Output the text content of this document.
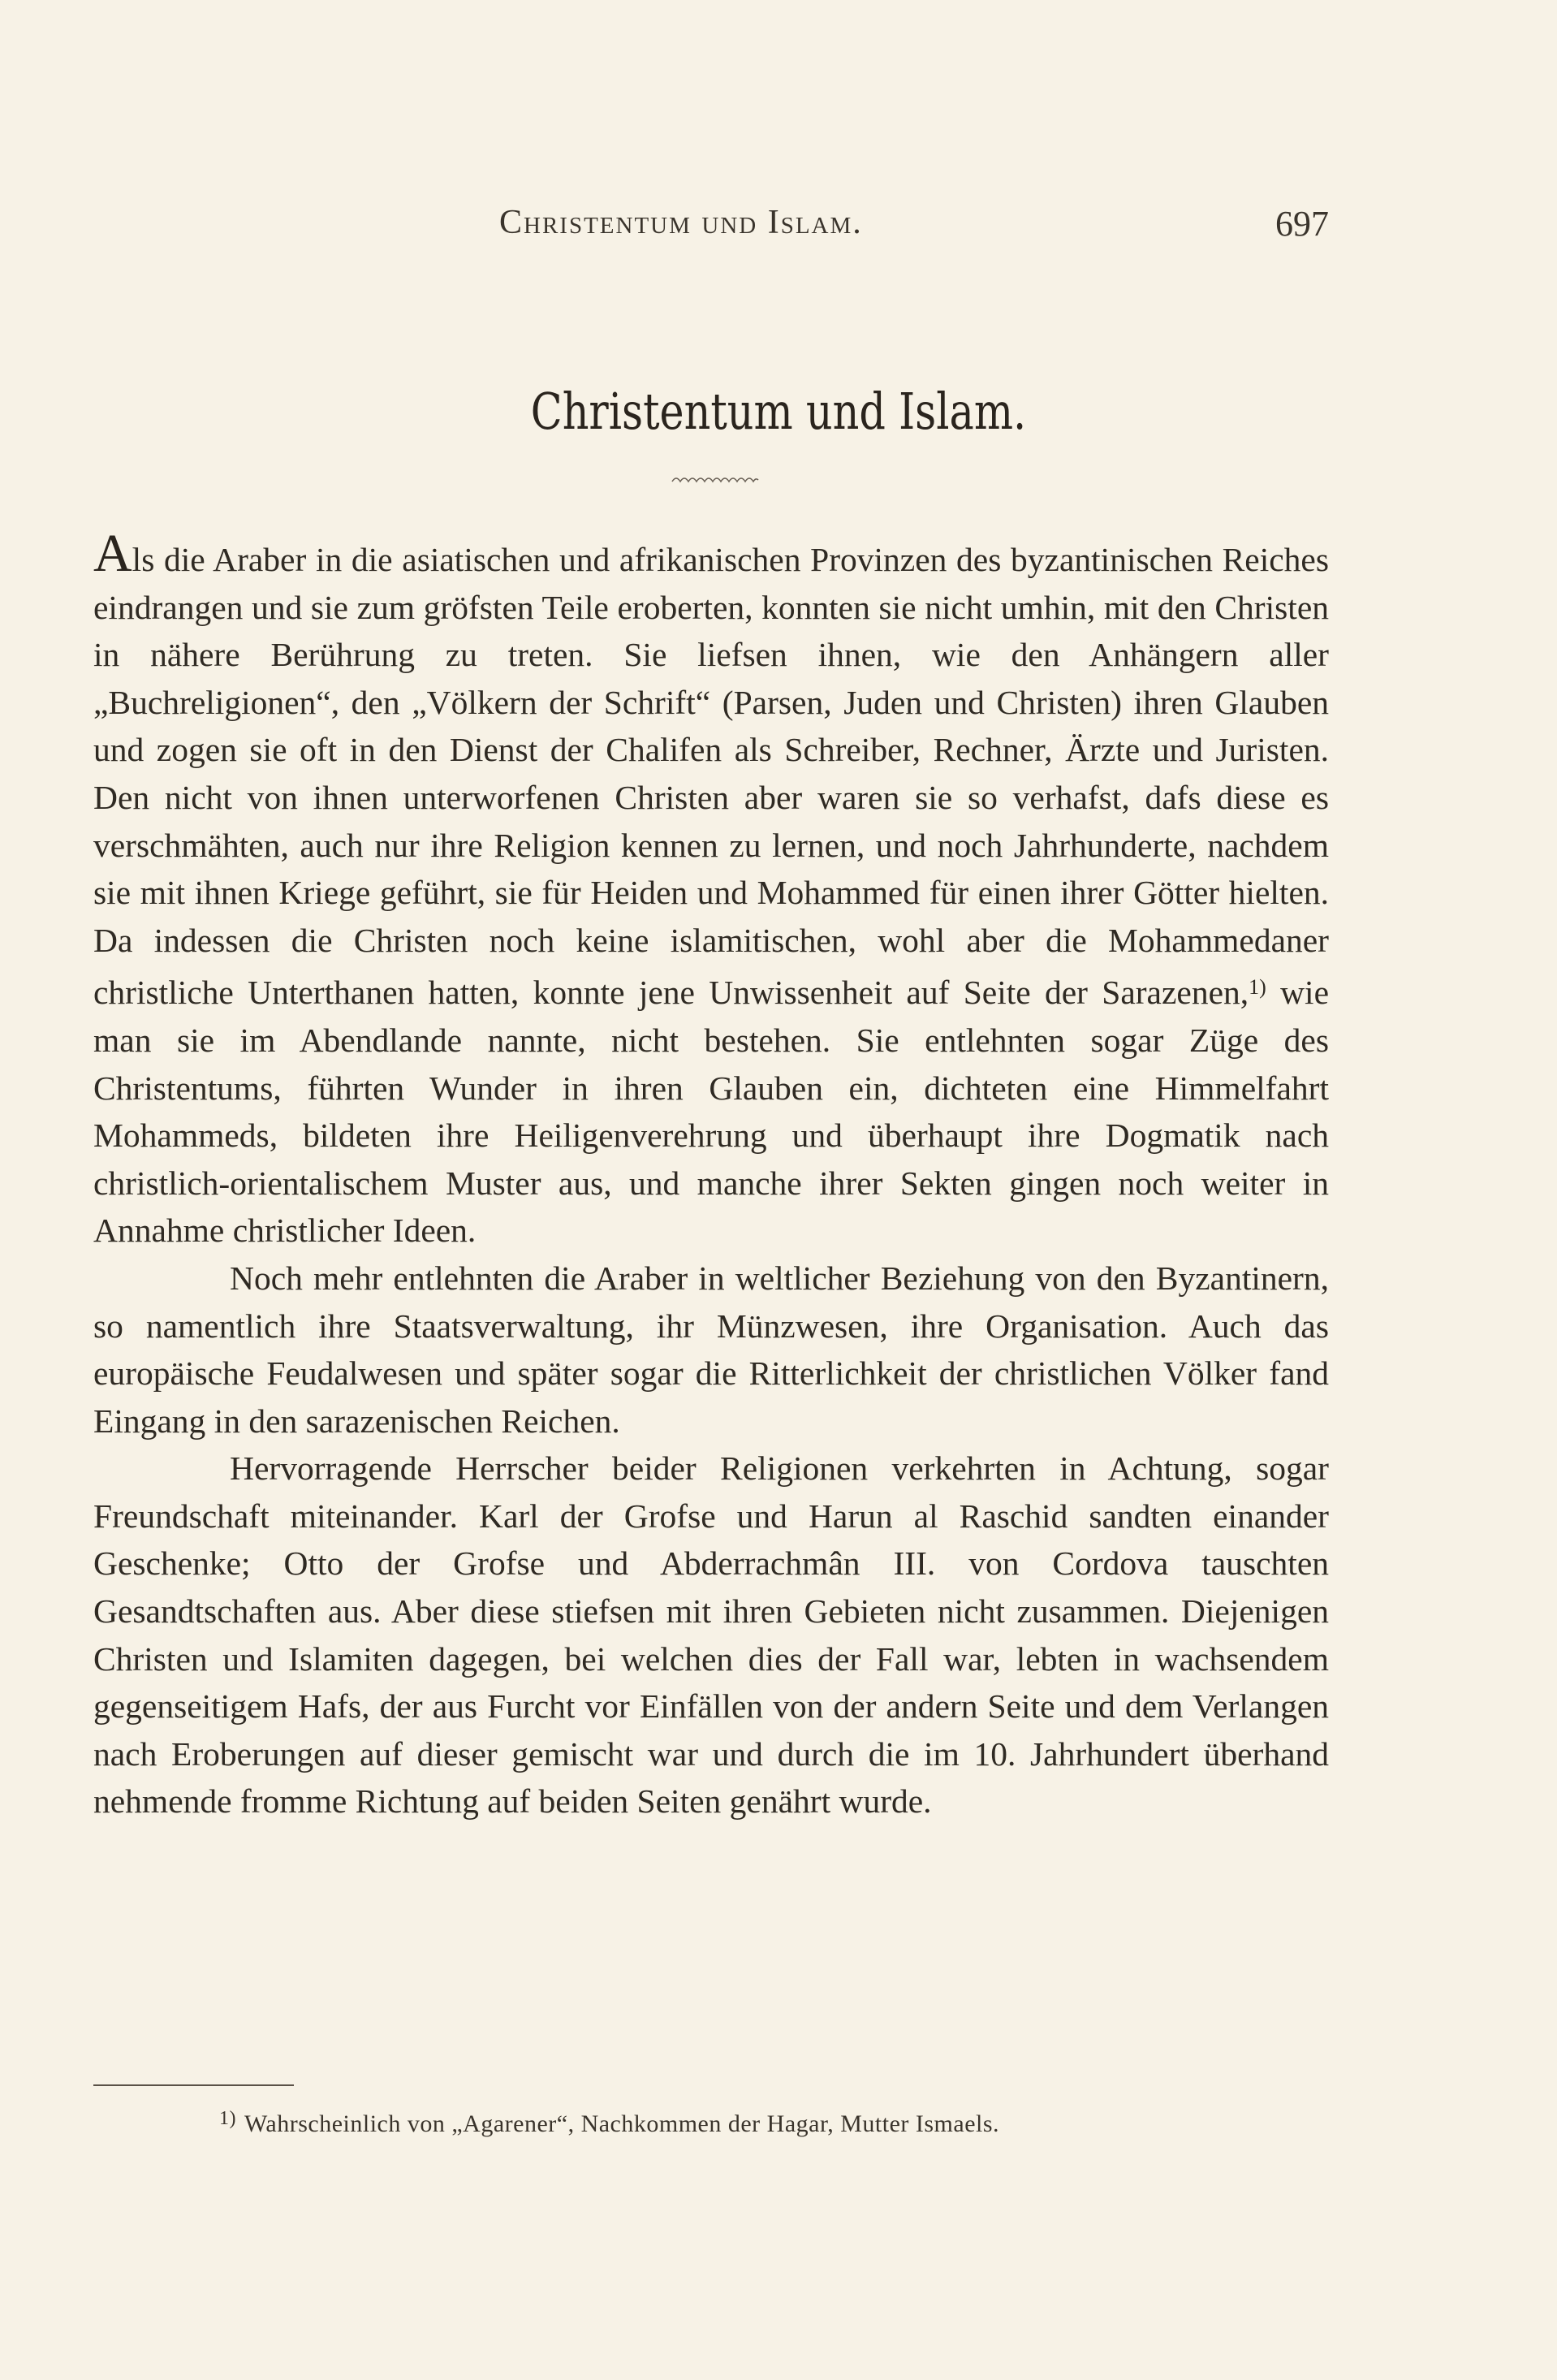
Christentum und Islam.	697
Christentum und Islam.

Als die Araber in die asiatischen und afrikanischen Provinzen des byzantinischen Reiches eindrangen und sie zum gröfsten Teile eroberten, konnten sie nicht umhin, mit den Christen in nähere Berührung zu treten. Sie liefsen ihnen, wie den Anhängern aller „Buchreligionen“, den „Völkern der Schrift“ (Parsen, Juden und Christen) ihren Glauben und zogen sie oft in den Dienst der Chalifen als Schreiber, Rechner, Ärzte und Juristen. Den nicht von ihnen unterworfenen Christen aber waren sie so verhafst, dafs diese es verschmähten, auch nur ihre Religion kennen zu lernen, und noch Jahrhunderte, nachdem sie mit ihnen Kriege geführt, sie für Heiden und Mohammed für einen ihrer Götter hielten. Da indessen die Christen noch keine islamitischen, wohl aber die Mohammedaner christliche Unterthanen hatten, konnte jene Unwissenheit auf Seite der Sarazenen,$^{1)}$ wie man sie im Abendlande nannte, nicht bestehen. Sie entlehnten sogar Züge des Christentums, führten Wunder in ihren Glauben ein, dichteten eine Himmelfahrt Mohammeds, bildeten ihre Heiligenverehrung und überhaupt ihre Dogmatik nach christlich-orientalischem Muster aus, und manche ihrer Sekten gingen noch weiter in Annahme christlicher Ideen.

Noch mehr entlehnten die Araber in weltlicher Beziehung von den Byzantinern, so namentlich ihre Staatsverwaltung, ihr Münzwesen, ihre Organisation. Auch das europäische Feudalwesen und später sogar die Ritterlichkeit der christlichen Völker fand Eingang in den sarazenischen Reichen.

Hervorragende Herrscher beider Religionen verkehrten in Achtung, sogar Freundschaft miteinander. Karl der Grofse und Harun al Raschid sandten einander Geschenke; Otto der Grofse und Abderrachmân III. von Cordova tauschten Gesandtschaften aus. Aber diese stiefsen mit ihren Gebieten nicht zusammen. Diejenigen Christen und Islamiten dagegen, bei welchen dies der Fall war, lebten in wachsendem gegenseitigem Hafs, der aus Furcht vor Einfällen von der andern Seite und dem Verlangen nach Eroberungen auf dieser gemischt war und durch die im 10. Jahrhundert überhand nehmende fromme Richtung auf beiden Seiten genährt wurde.

$^{1)}$ Wahrscheinlich von „Agarener“, Nachkommen der Hagar, Mutter Ismaels.
